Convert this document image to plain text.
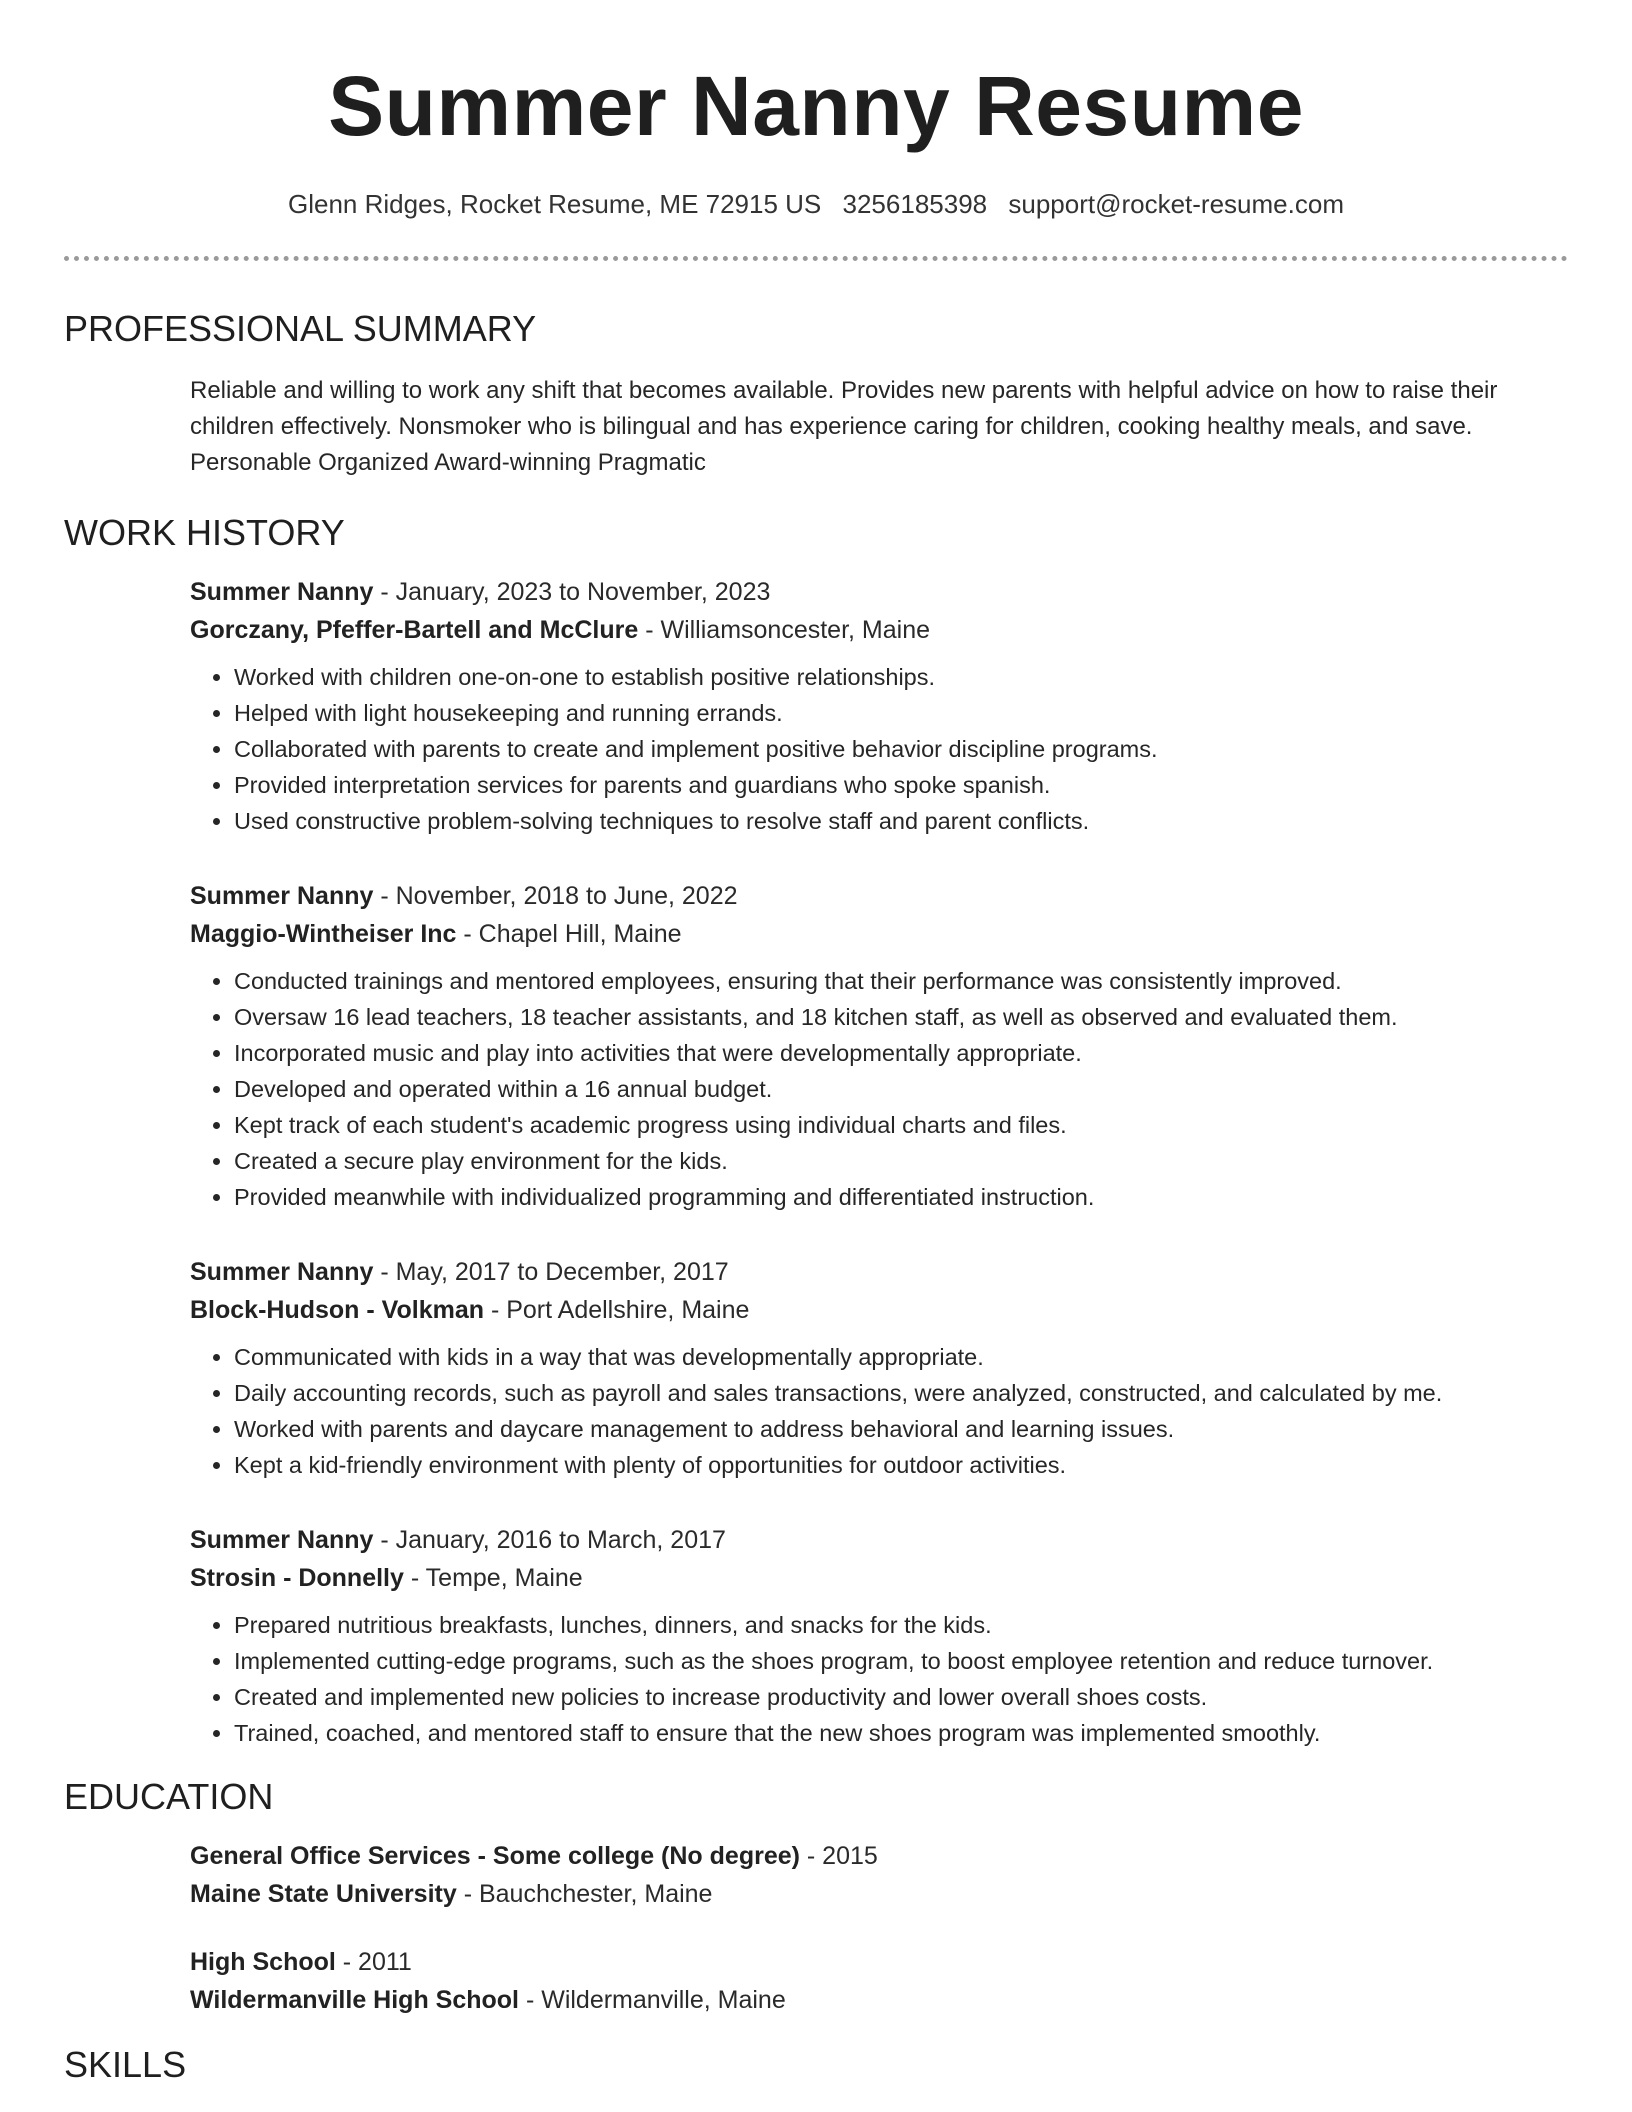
Summer Nanny Resume
Glenn Ridges, Rocket Resume, ME 72915 US 3256185398 support@rocket-resume.com
PROFESSIONAL SUMMARY
Reliable and willing to work any shift that becomes available. Provides new parents with helpful advice on how to raise their children effectively. Nonsmoker who is bilingual and has experience caring for children, cooking healthy meals, and save. Personable Organized Award-winning Pragmatic
WORK HISTORY
Summer Nanny - January, 2023 to November, 2023
Gorczany, Pfeffer-Bartell and McClure - Williamsoncester, Maine
• Worked with children one-on-one to establish positive relationships.
• Helped with light housekeeping and running errands.
• Collaborated with parents to create and implement positive behavior discipline programs.
• Provided interpretation services for parents and guardians who spoke spanish.
• Used constructive problem-solving techniques to resolve staff and parent conflicts.
Summer Nanny - November, 2018 to June, 2022
Maggio-Wintheiser Inc - Chapel Hill, Maine
• Conducted trainings and mentored employees, ensuring that their performance was consistently improved.
• Oversaw 16 lead teachers, 18 teacher assistants, and 18 kitchen staff, as well as observed and evaluated them.
• Incorporated music and play into activities that were developmentally appropriate.
• Developed and operated within a 16 annual budget.
• Kept track of each student's academic progress using individual charts and files.
• Created a secure play environment for the kids.
• Provided meanwhile with individualized programming and differentiated instruction.
Summer Nanny - May, 2017 to December, 2017
Block-Hudson - Volkman - Port Adellshire, Maine
• Communicated with kids in a way that was developmentally appropriate.
• Daily accounting records, such as payroll and sales transactions, were analyzed, constructed, and calculated by me.
• Worked with parents and daycare management to address behavioral and learning issues.
• Kept a kid-friendly environment with plenty of opportunities for outdoor activities.
Summer Nanny - January, 2016 to March, 2017
Strosin - Donnelly - Tempe, Maine
• Prepared nutritious breakfasts, lunches, dinners, and snacks for the kids.
• Implemented cutting-edge programs, such as the shoes program, to boost employee retention and reduce turnover.
• Created and implemented new policies to increase productivity and lower overall shoes costs.
• Trained, coached, and mentored staff to ensure that the new shoes program was implemented smoothly.
EDUCATION
General Office Services - Some college (No degree) - 2015
Maine State University - Bauchchester, Maine
High School - 2011
Wildermanville High School - Wildermanville, Maine
SKILLS
